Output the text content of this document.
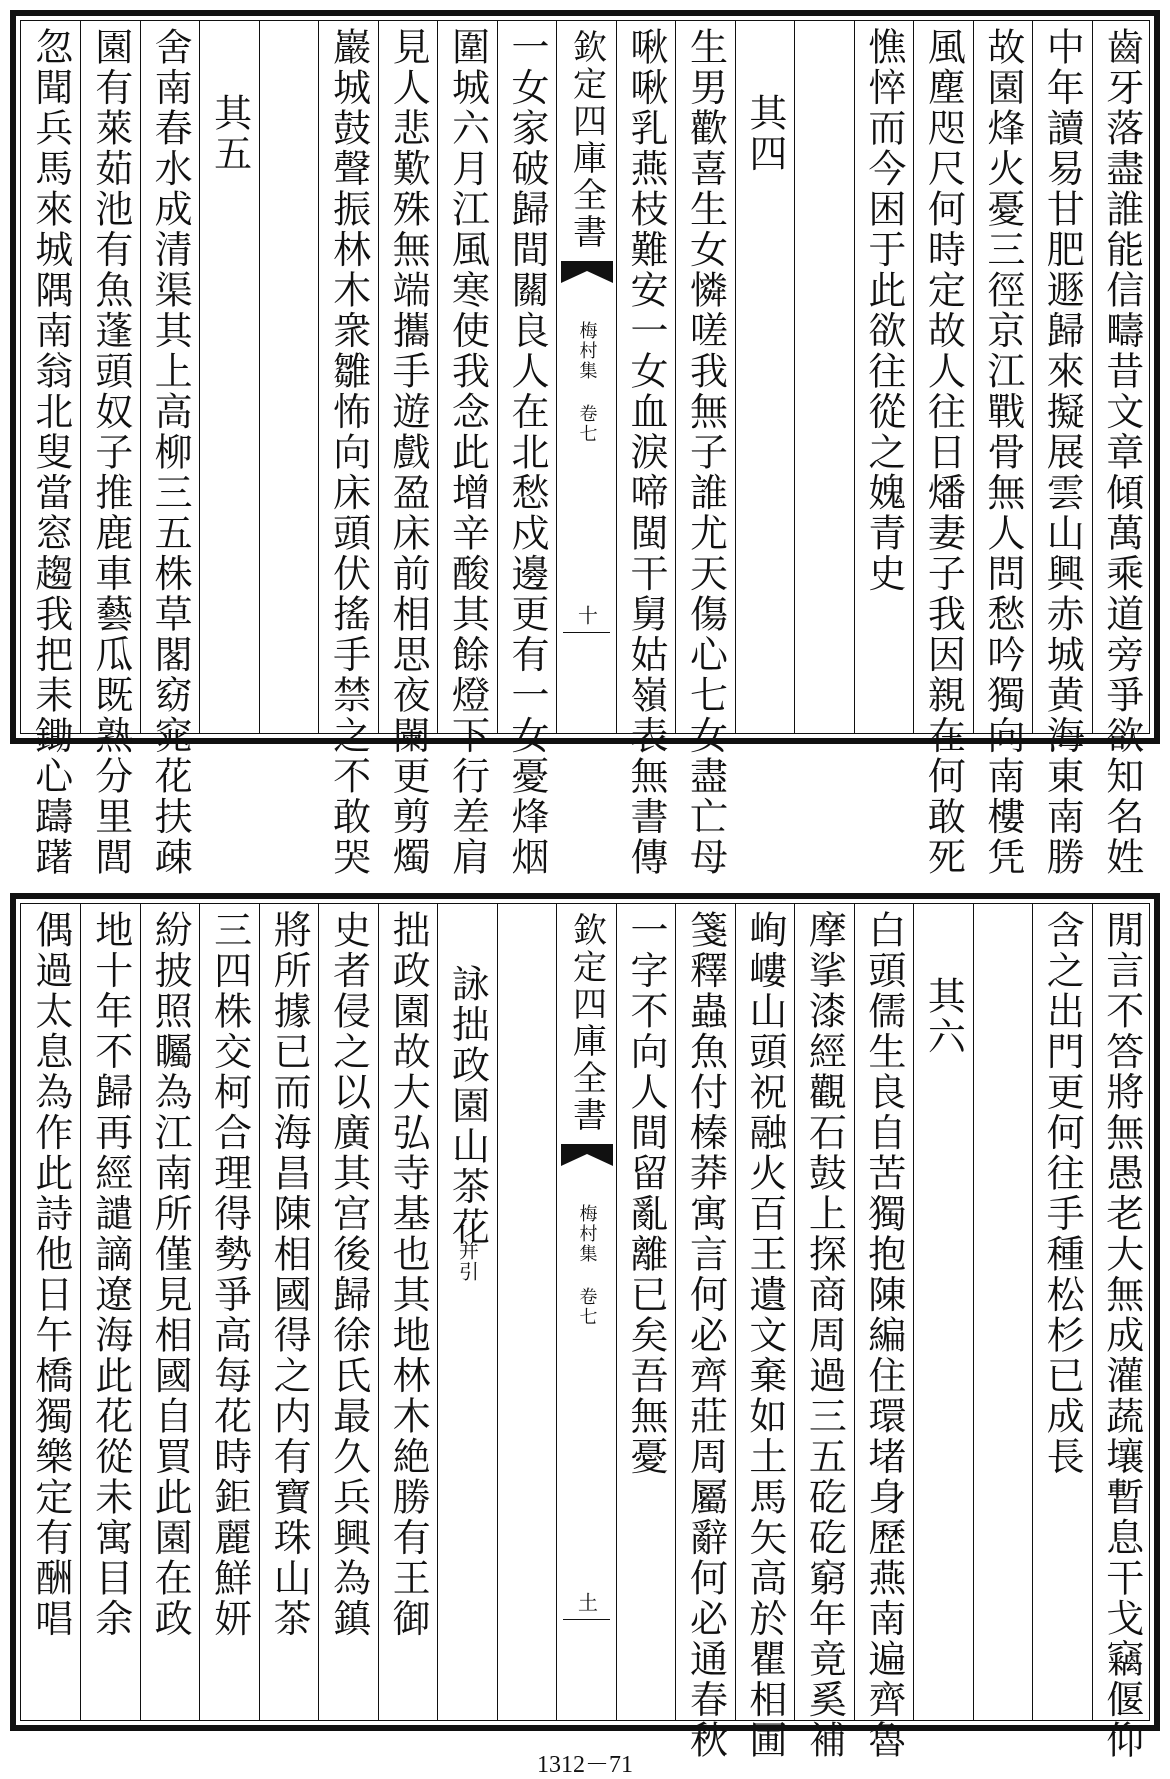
齒牙落盡誰能信疇昔文章傾萬乘道旁爭欲知名姓
中年讀易甘肥遯歸來擬展雲山興赤城黄海東南勝
故園烽火憂三徑京江戰骨無人問愁吟獨向南樓凭
風塵咫尺何時定故人往日燔妻子我因親在何敢死
憔悴而今困于此欲往從之媿青史
其四
生男歡喜生女憐嗟我無子誰尤天傷心七女盡亡母
啾啾乳燕枝難安一女血淚啼閩干舅姑嶺表無書傳
欽定四庫全書
梅村集 卷七
十
一女家破歸間關良人在北愁戍邊更有一女憂烽烟
圍城六月江風寒使我念此增辛酸其餘燈下行差肩
見人悲歎殊無端攜手遊戲盈床前相思夜闌更剪燭
巖城鼓聲振林木衆雛怖向床頭伏搖手禁之不敢哭
其五
舍南春水成清渠其上高柳三五株草閣窈窕花扶疎
園有萊茹池有魚蓬頭奴子推鹿車藝瓜既熟分里閭
忽聞兵馬來城隅南翁北叟當窓趨我把耒鋤心躊躇
閒言不答將無愚老大無成灌蔬壤暫息干戈竊偃仰
含之出門更何往手種松杉已成長
其六
白頭儒生良自苦獨抱陳編住環堵身歷燕南遍齊魯
摩挲漆經觀石鼓上探商周過三五矻矻窮年竟奚補
峋嶁山頭祝融火百王遺文棄如土馬矢高於瞿相圃
箋釋蟲魚付榛莽寓言何必齊莊周屬辭何必通春秋
一字不向人間留亂離已矣吾無憂
欽定四庫全書
梅村集 卷七
土
詠拙政園山茶花
并引
拙政園故大弘寺基也其地林木絶勝有王御
史者侵之以廣其宫後歸徐氏最久兵興為鎮
將所據已而海昌陳相國得之内有寶珠山茶
三四株交柯合理得勢爭高每花時鉅麗鮮妍
紛披照矚為江南所僅見相國自買此園在政
地十年不歸再經譴謫遼海此花從未寓目余
偶過太息為作此詩他日午橋獨樂定有酬唱
1312－71
